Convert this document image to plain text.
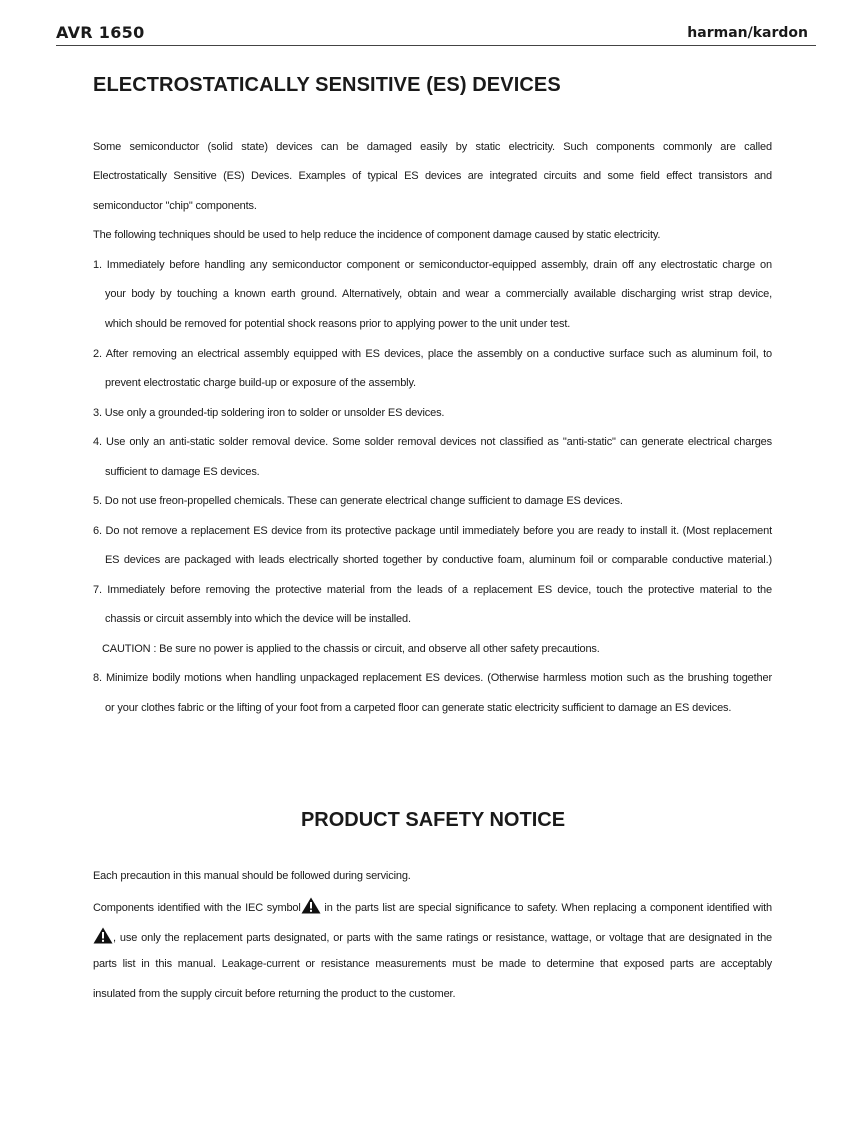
AVR 1650	harman/kardon
ELECTROSTATICALLY SENSITIVE (ES) DEVICES
Some semiconductor (solid state) devices can be damaged easily by static electricity. Such components commonly are called
Electrostatically Sensitive (ES) Devices. Examples of typical ES devices are integrated circuits and some field effect transistors and
semiconductor "chip" components.
The following techniques should be used to help reduce the incidence of component damage caused by static electricity.
1. Immediately before handling any semiconductor component or semiconductor-equipped assembly, drain off any electrostatic charge on
your body by touching a known earth ground. Alternatively, obtain and wear a commercially available discharging wrist strap device,
which should be removed for potential shock reasons prior to applying power to the unit under test.
2. After removing an electrical assembly equipped with ES devices, place the assembly on a conductive surface such as aluminum foil, to
prevent electrostatic charge build-up or exposure of the assembly.
3. Use only a grounded-tip soldering iron to solder or unsolder ES devices.
4. Use only an anti-static solder removal device. Some solder removal devices not classified as "anti-static" can generate electrical charges
sufficient to damage ES devices.
5. Do not use freon-propelled chemicals. These can generate electrical change sufficient to damage ES devices.
6. Do not remove a replacement ES device from its protective package until immediately before you are ready to install it. (Most replacement
ES devices are packaged with leads electrically shorted together by conductive foam, aluminum foil or comparable conductive material.)
7. Immediately before removing the protective material from the leads of a replacement ES device, touch the protective material to the
chassis or circuit assembly into which the device will be installed.
CAUTION : Be sure no power is applied to the chassis or circuit, and observe all other safety precautions.
8. Minimize bodily motions when handling unpackaged replacement ES devices. (Otherwise harmless motion such as the brushing together
or your clothes fabric or the lifting of your foot from a carpeted floor can generate static electricity sufficient to damage an ES devices.
PRODUCT SAFETY NOTICE
Each precaution in this manual should be followed during servicing.
Components identified with the IEC symbol in the parts list are special significance to safety. When replacing a component identified with
, use only the replacement parts designated, or parts with the same ratings or resistance, wattage, or voltage that are designated in the
parts list in this manual. Leakage-current or resistance measurements must be made to determine that exposed parts are acceptably
insulated from the supply circuit before returning the product to the customer.
